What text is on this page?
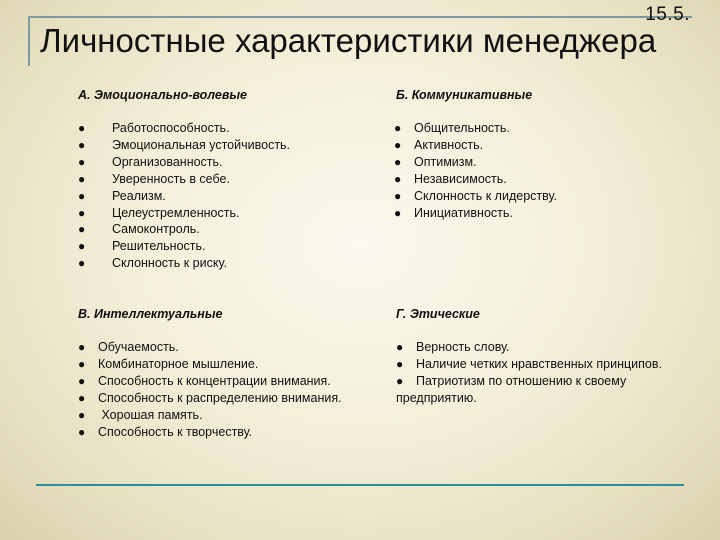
15.5.
Личностные характеристики менеджера
А. Эмоционально-волевые
● Работоспособность.
● Эмоциональная устойчивость.
● Организованность.
● Уверенность в себе.
● Реализм.
● Целеустремленность.
● Самоконтроль.
● Решительность.
● Склонность к риску.
Б. Коммуникативные
● Общительность.
● Активность.
● Оптимизм.
● Независимость.
● Склонность к лидерству.
● Инициативность.
В. Интеллектуальные
● Обучаемость.
● Комбинаторное мышление.
● Способность к концентрации внимания.
● Способность к распределению внимания.
● Хорошая память.
● Способность к творчеству.
Г. Этические
● Верность слову.
● Наличие четких нравственных принципов.
● Патриотизм по отношению к своему
предприятию.
